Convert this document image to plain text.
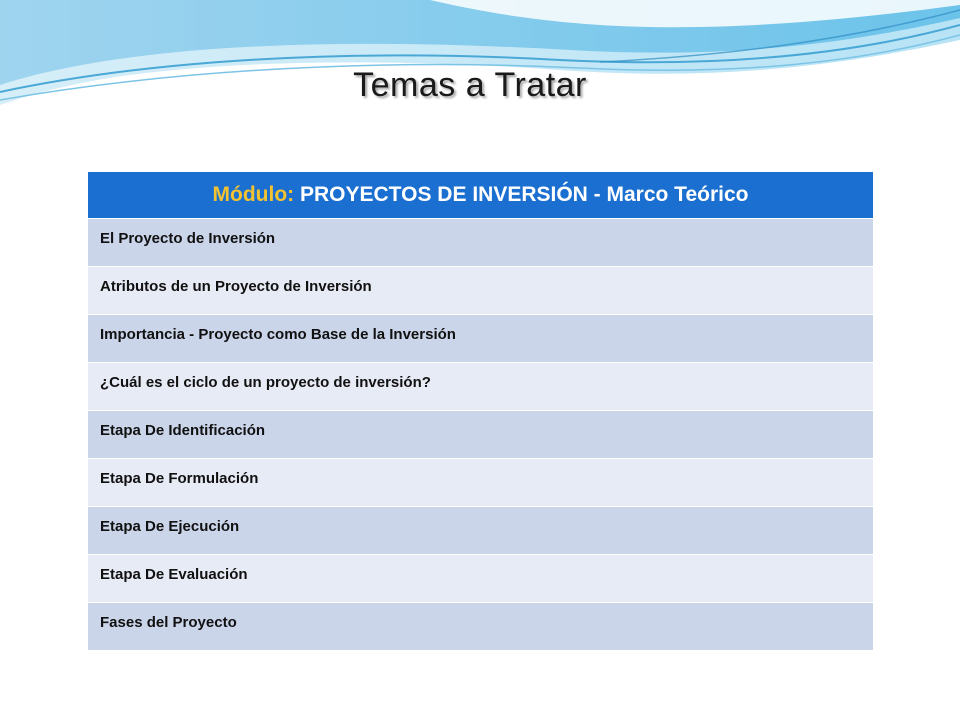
Temas a Tratar
Módulo:
PROYECTOS DE INVERSIÓN - Marco Teórico
El Proyecto de Inversión
Atributos de un Proyecto de Inversión
Importancia - Proyecto como Base de la Inversión
¿Cuál es el ciclo de un proyecto de inversión?
Etapa De Identificación
Etapa De Formulación
Etapa De Ejecución
Etapa De Evaluación
Fases del Proyecto
